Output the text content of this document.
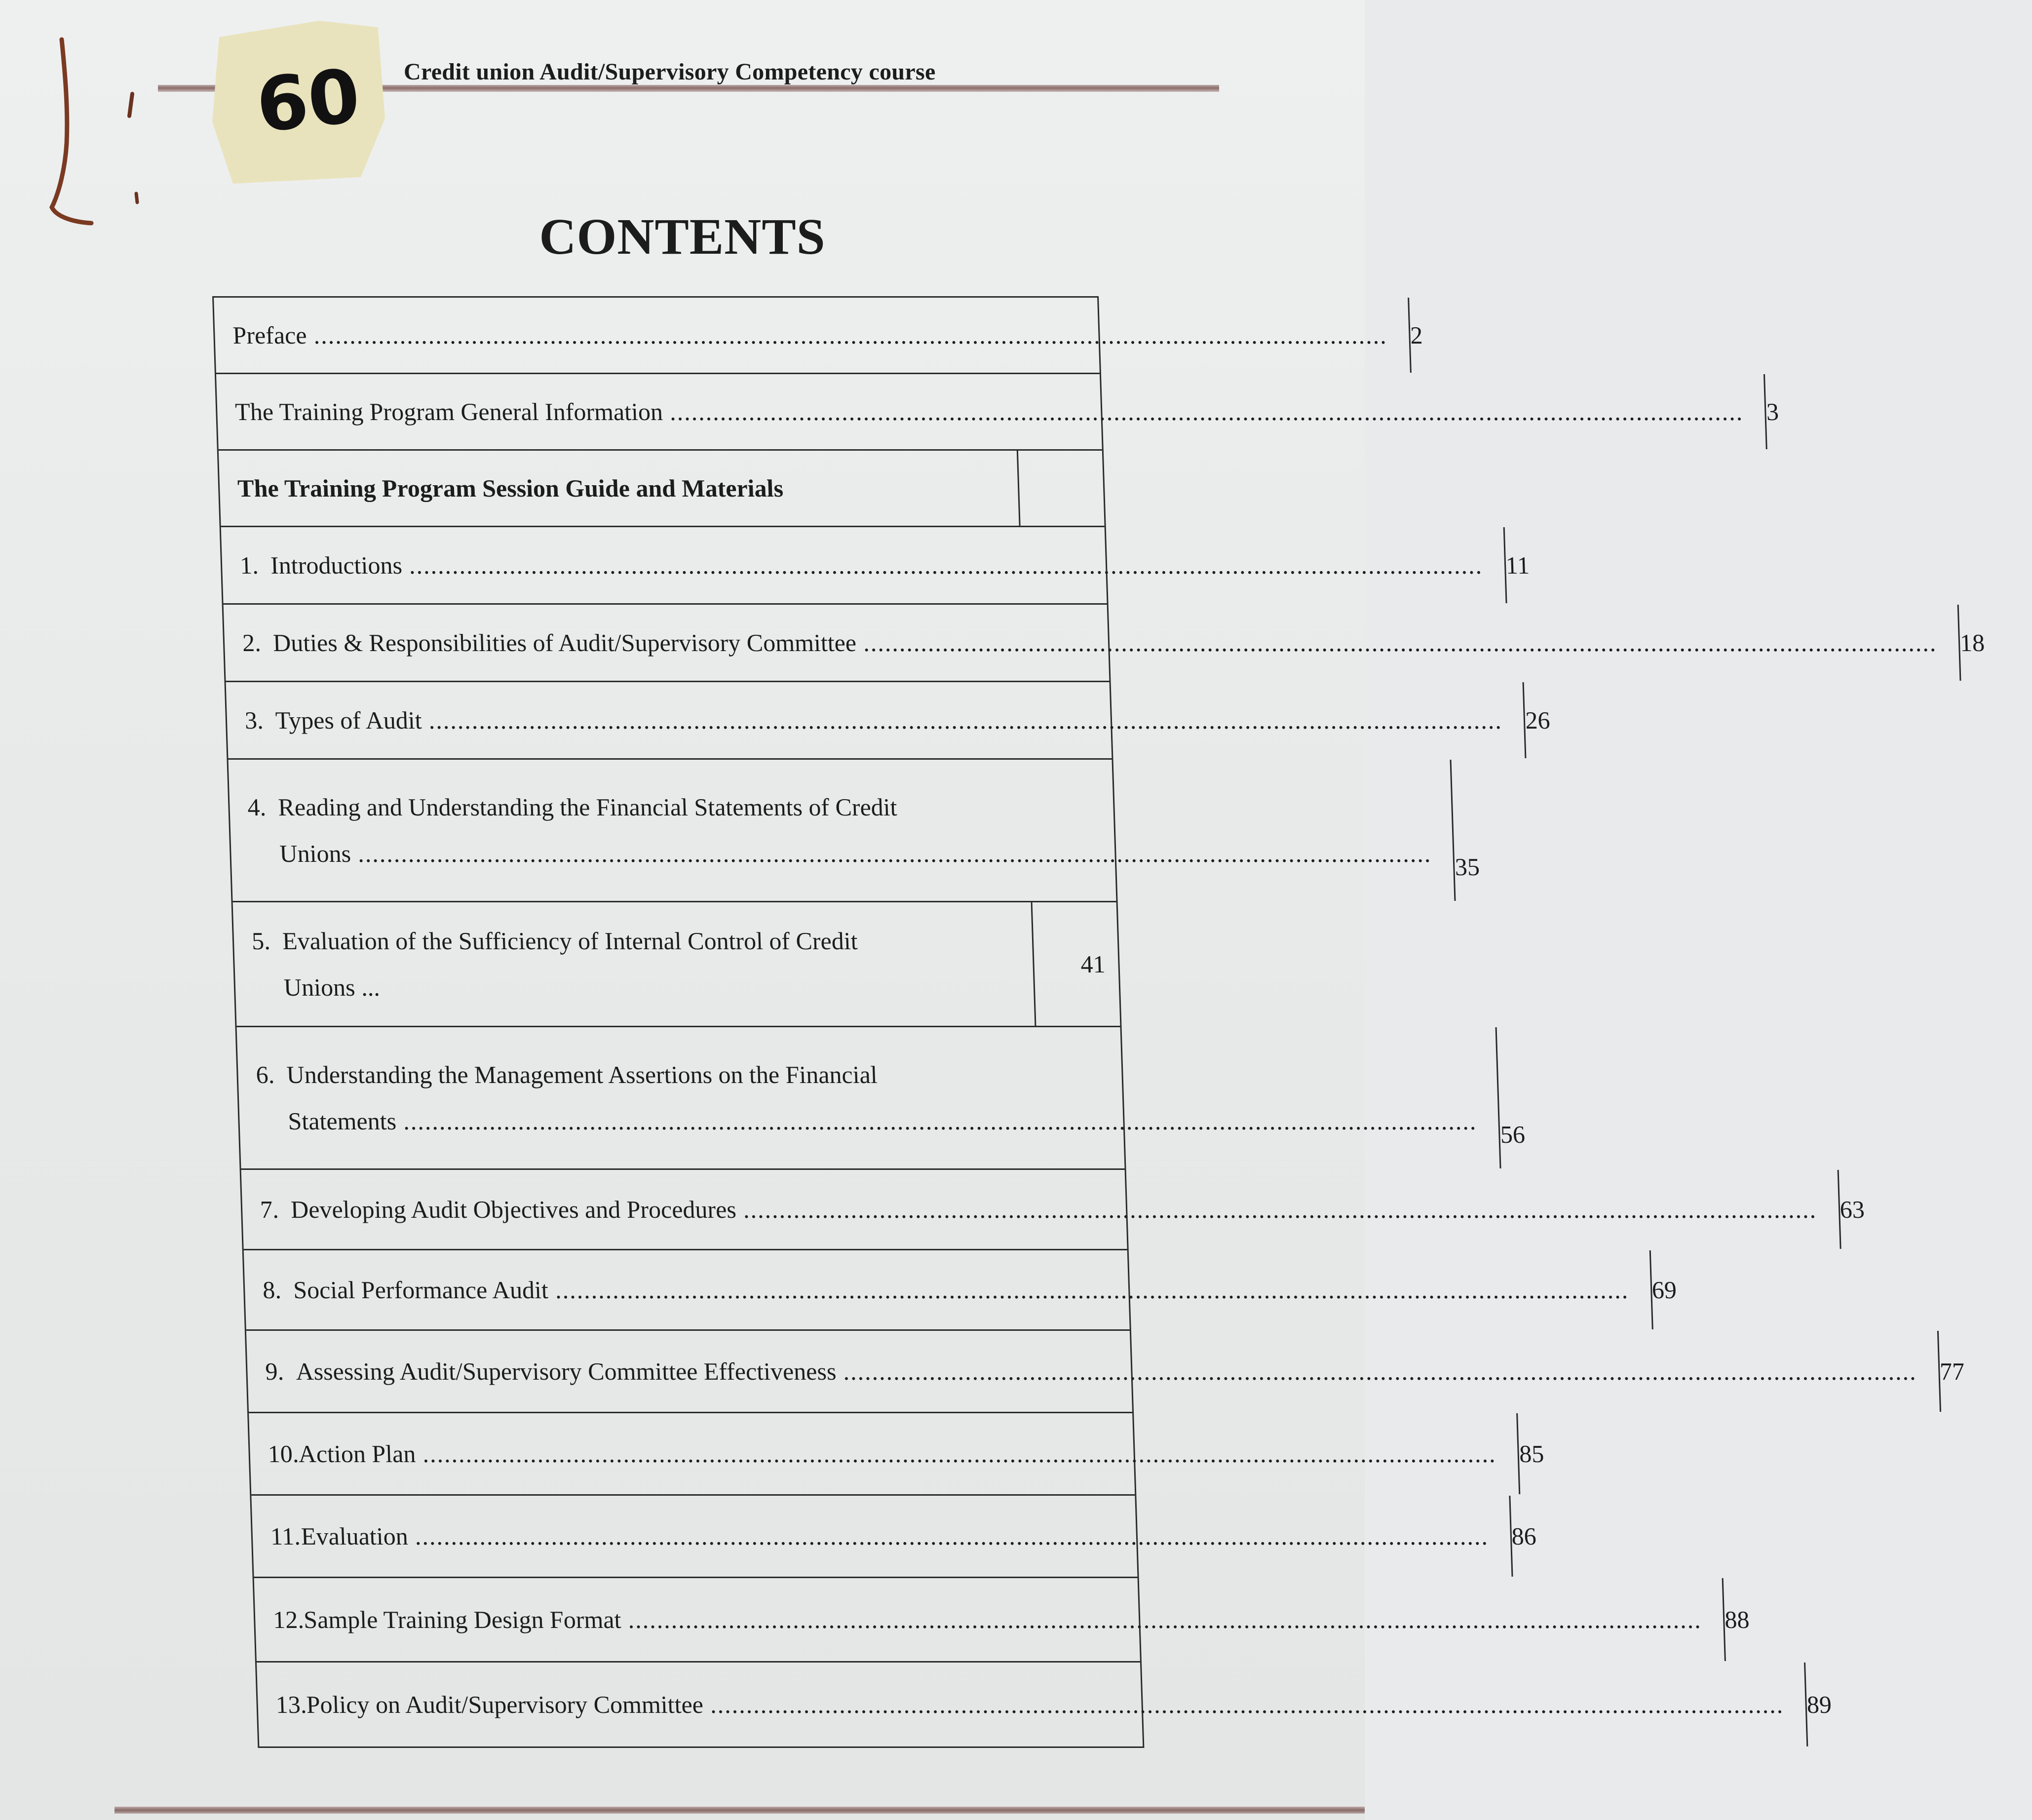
60 Credit union Audit/Supervisory Competency course
CONTENTS
Preface ...................................................................................................................................................... 2
The Training Program General Information ...................................................................................................................................................... 3
The Training Program Session Guide and Materials
1. Introductions ...................................................................................................................................................... 11
2. Duties & Responsibilities of Audit/Supervisory Committee ...................................................................................................................................................... 18
3. Types of Audit ...................................................................................................................................................... 26
4. Reading and Understanding the Financial Statements of Credit
Unions ...................................................................................................................................................... 35
5. Evaluation of the Sufficiency of Internal Control of Credit
Unions ...
41
6. Understanding the Management Assertions on the Financial
Statements ...................................................................................................................................................... 56
7. Developing Audit Objectives and Procedures ...................................................................................................................................................... 63
8. Social Performance Audit ...................................................................................................................................................... 69
9. Assessing Audit/Supervisory Committee Effectiveness ...................................................................................................................................................... 77
10.
Action Plan ...................................................................................................................................................... 85
11. Evaluation ...................................................................................................................................................... 86
12.
Sample Training Design Format ...................................................................................................................................................... 88
13.
Policy on Audit/Supervisory Committee ...................................................................................................................................................... 89
